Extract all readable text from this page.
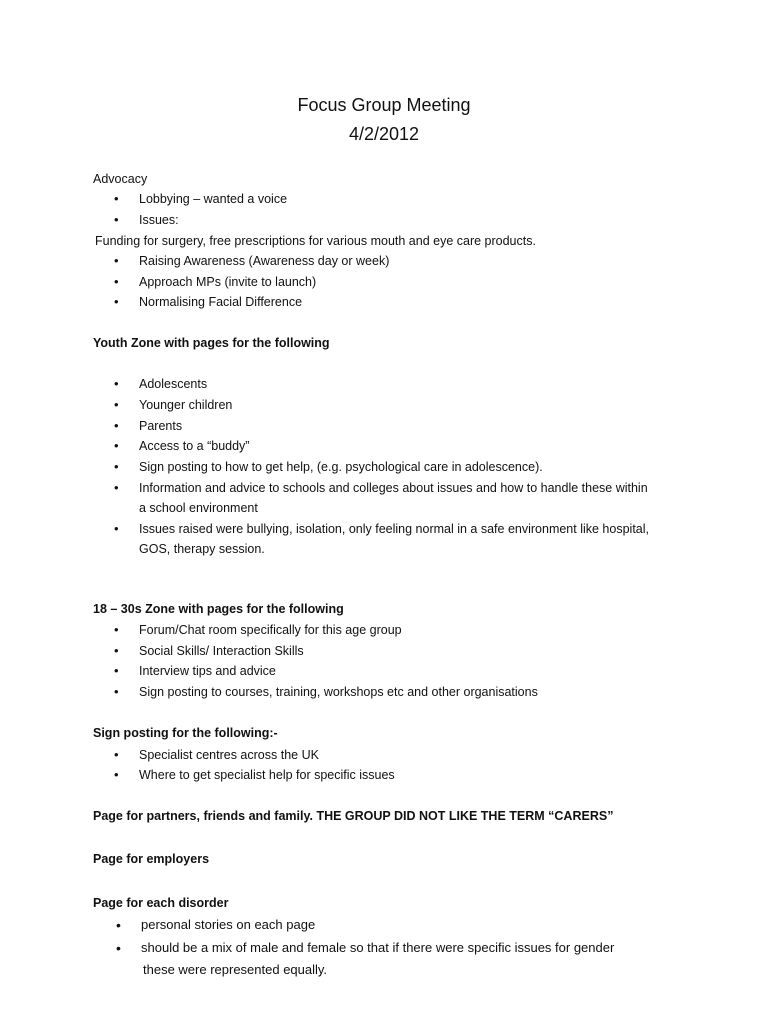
Focus Group Meeting
4/2/2012
Advocacy
• Lobbying – wanted a voice
• Issues:
Funding for surgery, free prescriptions for various mouth and eye care products.
• Raising Awareness (Awareness day or week)
• Approach MPs (invite to launch)
• Normalising Facial Difference
Youth Zone with pages for the following
• Adolescents
• Younger children
• Parents
• Access to a “buddy”
• Sign posting to how to get help, (e.g. psychological care in adolescence).
• Information and advice to schools and colleges about issues and how to handle these within
a school environment
• Issues raised were bullying, isolation, only feeling normal in a safe environment like hospital,
GOS, therapy session.
18 – 30s Zone with pages for the following
• Forum/Chat room specifically for this age group
• Social Skills/ Interaction Skills
• Interview tips and advice
• Sign posting to courses, training, workshops etc and other organisations
Sign posting for the following:-
• Specialist centres across the UK
• Where to get specialist help for specific issues
Page for partners, friends and family. THE GROUP DID NOT LIKE THE TERM “CARERS”
Page for employers
Page for each disorder
• personal stories on each page
• should be a mix of male and female so that if there were specific issues for gender
these were represented equally.
